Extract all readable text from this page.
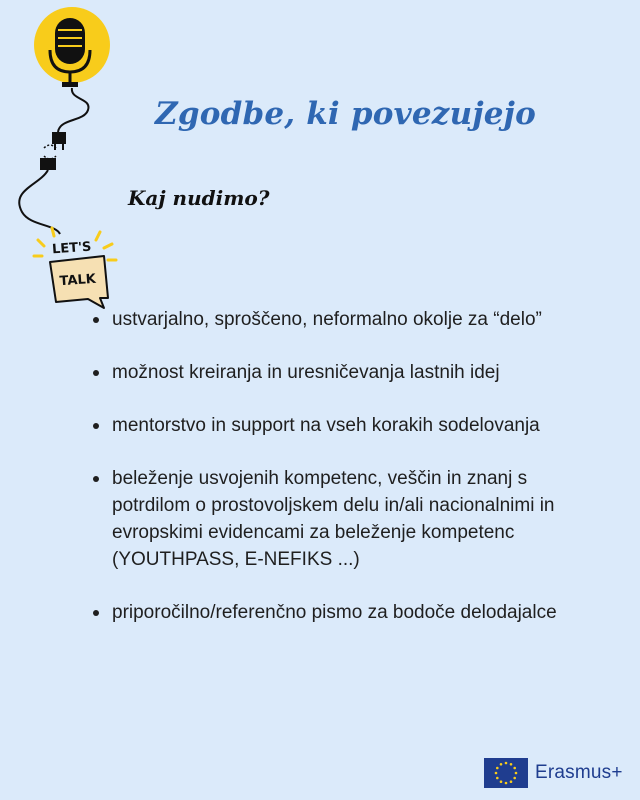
TALK
LET'S
Zgodbe, ki povezujejo
Kaj nudimo?
ustvarjalno, sproščeno, neformalno okolje za “delo”
možnost kreiranja in uresničevanja lastnih idej
mentorstvo in support na vseh korakih sodelovanja
beleženje usvojenih kompetenc, veščin in znanj s potrdilom o prostovoljskem delu in/ali nacionalnimi in evropskimi evidencami za beleženje kompetenc (YOUTHPASS, E-NEFIKS ...)
priporočilno/referenčno pismo za bodoče delodajalce
Erasmus+
